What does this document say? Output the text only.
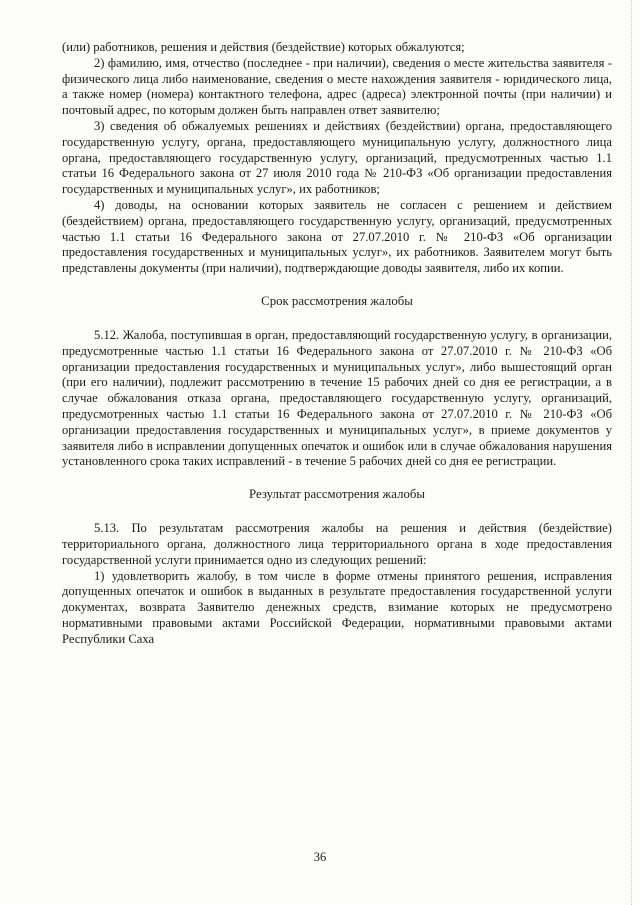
(или) работников, решения и действия (бездействие) которых обжалуются;

2) фамилию, имя, отчество (последнее - при наличии), сведения о месте жительства заявителя - физического лица либо наименование, сведения о месте нахождения заявителя - юридического лица, а также номер (номера) контактного телефона, адрес (адреса) электронной почты (при наличии) и почтовый адрес, по которым должен быть направлен ответ заявителю;

3) сведения об обжалуемых решениях и действиях (бездействии) органа, предоставляющего государственную услугу, органа, предоставляющего муниципальную услугу, должностного лица органа, предоставляющего государственную услугу, организаций, предусмотренных частью 1.1 статьи 16 Федерального закона от 27 июля 2010 года № 210-ФЗ «Об организации предоставления государственных и муниципальных услуг», их работников;

4) доводы, на основании которых заявитель не согласен с решением и действием (бездействием) органа, предоставляющего государственную услугу, организаций, предусмотренных частью 1.1 статьи 16 Федерального закона от 27.07.2010 г. № 210-ФЗ «Об организации предоставления государственных и муниципальных услуг», их работников. Заявителем могут быть представлены документы (при наличии), подтверждающие доводы заявителя, либо их копии.

Срок рассмотрения жалобы

5.12. Жалоба, поступившая в орган, предоставляющий государственную услугу, в организации, предусмотренные частью 1.1 статьи 16 Федерального закона от 27.07.2010 г. № 210-ФЗ «Об организации предоставления государственных и муниципальных услуг», либо вышестоящий орган (при его наличии), подлежит рассмотрению в течение 15 рабочих дней со дня ее регистрации, а в случае обжалования отказа органа, предоставляющего государственную услугу, организаций, предусмотренных частью 1.1 статьи 16 Федерального закона от 27.07.2010 г. № 210-ФЗ «Об организации предоставления государственных и муниципальных услуг», в приеме документов у заявителя либо в исправлении допущенных опечаток и ошибок или в случае обжалования нарушения установленного срока таких исправлений - в течение 5 рабочих дней со дня ее регистрации.

Результат рассмотрения жалобы

5.13. По результатам рассмотрения жалобы на решения и действия (бездействие) территориального органа, должностного лица территориального органа в ходе предоставления государственной услуги принимается одно из следующих решений:

1) удовлетворить жалобу, в том числе в форме отмены принятого решения, исправления допущенных опечаток и ошибок в выданных в результате предоставления государственной услуги документах, возврата Заявителю денежных средств, взимание которых не предусмотрено нормативными правовыми актами Российской Федерации, нормативными правовыми актами Республики Саха

36
